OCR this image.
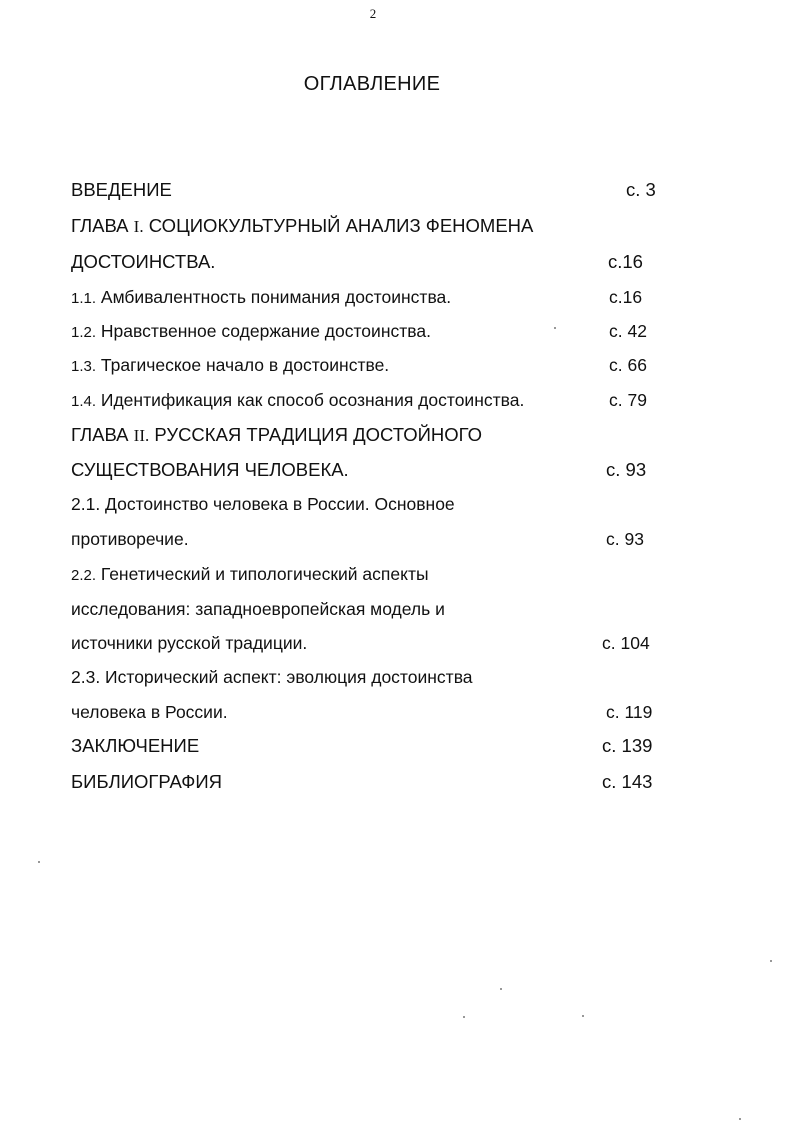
2
ОГЛАВЛЕНИЕ
ВВЕДЕНИЕ	с. 3
ГЛАВА I. СОЦИОКУЛЬТУРНЫЙ АНАЛИЗ ФЕНОМЕНА
ДОСТОИНСТВА.	с.16
1.1. Амбивалентность понимания достоинства.	с.16
1.2. Нравственное содержание достоинства.	с. 42
1.3. Трагическое начало в достоинстве.	с. 66
1.4. Идентификация как способ осознания достоинства.	с. 79
ГЛАВА II. РУССКАЯ ТРАДИЦИЯ ДОСТОЙНОГО
СУЩЕСТВОВАНИЯ ЧЕЛОВЕКА.	с. 93
2.1. Достоинство человека в России. Основное
противоречие.	с. 93
2.2. Генетический и типологический аспекты
исследования: западноевропейская модель и
источники русской традиции.	с. 104
2.3. Исторический аспект: эволюция достоинства
человека в России.	с. 119
ЗАКЛЮЧЕНИЕ	с. 139
БИБЛИОГРАФИЯ	с. 143
